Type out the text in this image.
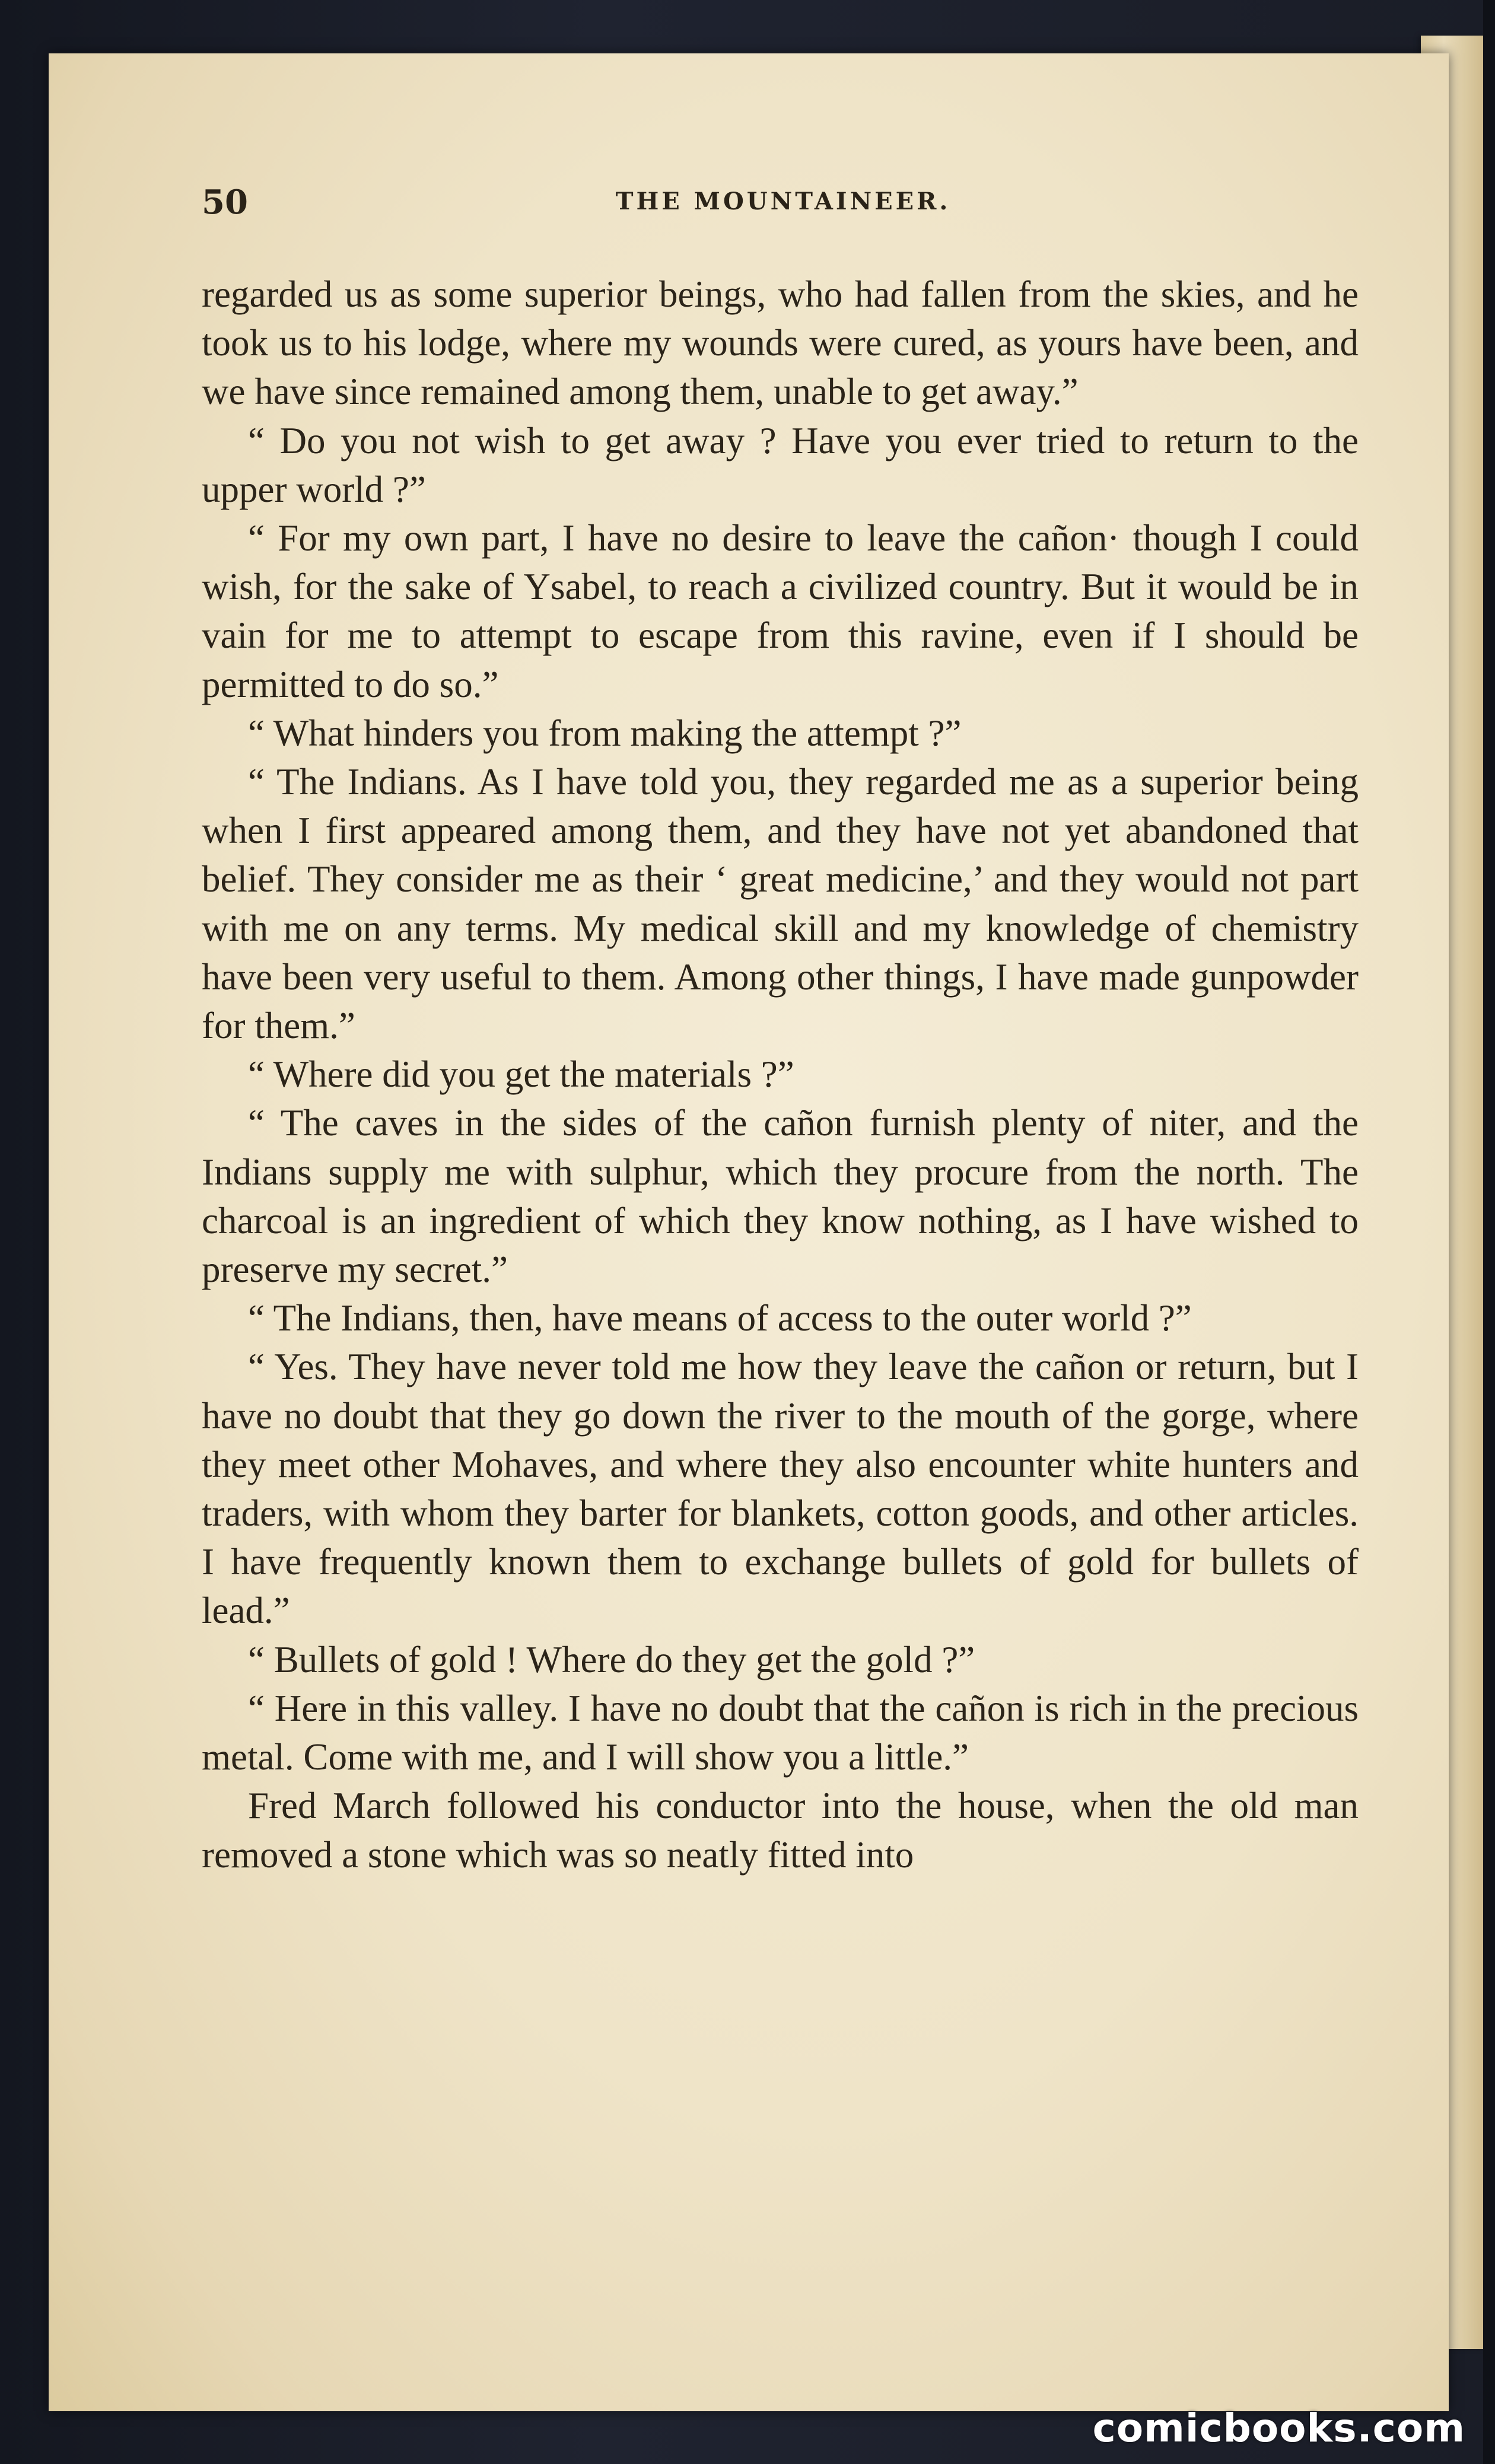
50	THE MOUNTAINEER.

regarded us as some superior beings, who had fallen from the skies, and he took us to his lodge, where my wounds were cured, as yours have been, and we have since remained among them, unable to get away.”

“ Do you not wish to get away ? Have you ever tried to return to the upper world ?”

“ For my own part, I have no desire to leave the cañon· though I could wish, for the sake of Ysabel, to reach a civilized country. But it would be in vain for me to attempt to escape from this ravine, even if I should be permitted to do so.”

“ What hinders you from making the attempt ?”

“ The Indians. As I have told you, they regarded me as a superior being when I first appeared among them, and they have not yet abandoned that belief. They consider me as their ‘ great medicine,’ and they would not part with me on any terms. My medical skill and my knowledge of chemistry have been very useful to them. Among other things, I have made gunpowder for them.”

“ Where did you get the materials ?”

“ The caves in the sides of the cañon furnish plenty of niter, and the Indians supply me with sulphur, which they procure from the north. The charcoal is an ingredient of which they know nothing, as I have wished to preserve my secret.”

“ The Indians, then, have means of access to the outer world ?”

“ Yes. They have never told me how they leave the cañon or return, but I have no doubt that they go down the river to the mouth of the gorge, where they meet other Mohaves, and where they also encounter white hunters and traders, with whom they barter for blankets, cotton goods, and other articles. I have frequently known them to exchange bullets of gold for bullets of lead.”

“ Bullets of gold ! Where do they get the gold ?”

“ Here in this valley. I have no doubt that the cañon is rich in the precious metal. Come with me, and I will show you a little.”

Fred March followed his conductor into the house, when the old man removed a stone which was so neatly fitted into

comicbooks.com
